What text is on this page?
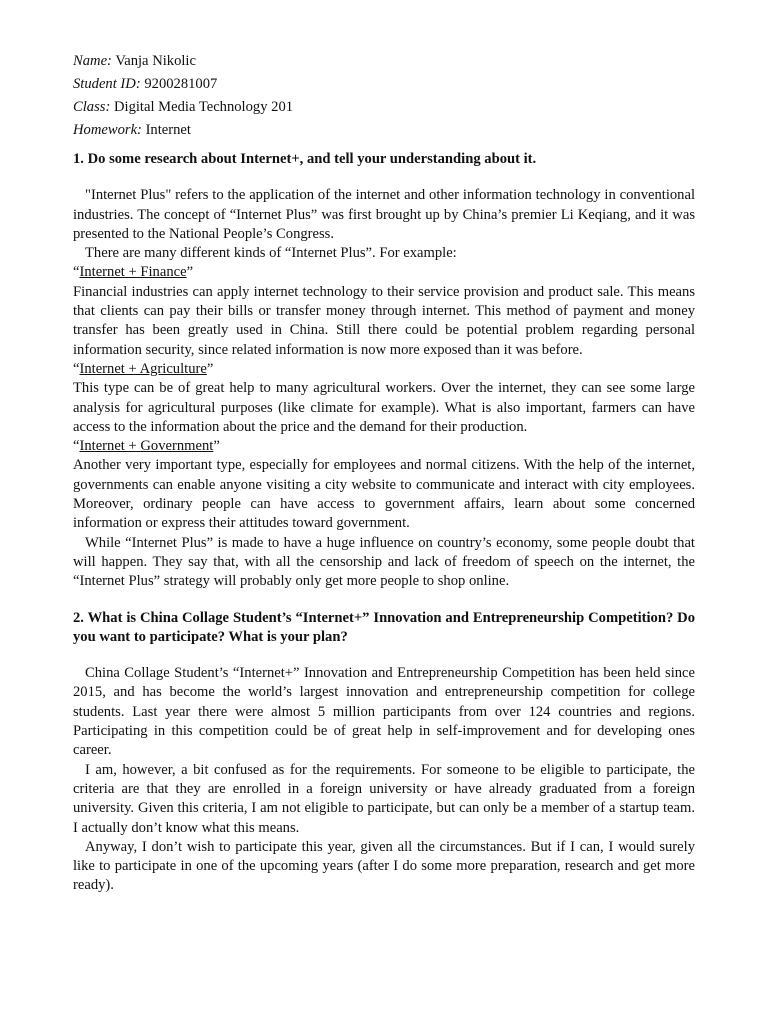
Name: Vanja Nikolic

Student ID: 9200281007

Class: Digital Media Technology 201

Homework: Internet

1. Do some research about Internet+, and tell your understanding about it.

"Internet Plus" refers to the application of the internet and other information technology in conventional industries. The concept of “Internet Plus” was first brought up by China’s premier Li Keqiang, and it was presented to the National People’s Congress.

There are many different kinds of “Internet Plus”. For example:

“Internet + Finance”

Financial industries can apply internet technology to their service provision and product sale. This means that clients can pay their bills or transfer money through internet. This method of payment and money transfer has been greatly used in China. Still there could be potential problem regarding personal information security, since related information is now more exposed than it was before.

“Internet + Agriculture”

This type can be of great help to many agricultural workers. Over the internet, they can see some large analysis for agricultural purposes (like climate for example). What is also important, farmers can have access to the information about the price and the demand for their production.

“Internet + Government”

Another very important type, especially for employees and normal citizens. With the help of the internet, governments can enable anyone visiting a city website to communicate and interact with city employees. Moreover, ordinary people can have access to government affairs, learn about some concerned information or express their attitudes toward government.

While “Internet Plus” is made to have a huge influence on country’s economy, some people doubt that will happen. They say that, with all the censorship and lack of freedom of speech on the internet, the “Internet Plus” strategy will probably only get more people to shop online.

2. What is China Collage Student’s “Internet+” Innovation and Entrepreneurship Competition? Do you want to participate? What is your plan?

China Collage Student’s “Internet+” Innovation and Entrepreneurship Competition has been held since 2015, and has become the world’s largest innovation and entrepreneurship competition for college students. Last year there were almost 5 million participants from over 124 countries and regions. Participating in this competition could be of great help in self-improvement and for developing ones career.

I am, however, a bit confused as for the requirements. For someone to be eligible to participate, the criteria are that they are enrolled in a foreign university or have already graduated from a foreign university. Given this criteria, I am not eligible to participate, but can only be a member of a startup team. I actually don’t know what this means.

Anyway, I don’t wish to participate this year, given all the circumstances. But if I can, I would surely like to participate in one of the upcoming years (after I do some more preparation, research and get more ready).
